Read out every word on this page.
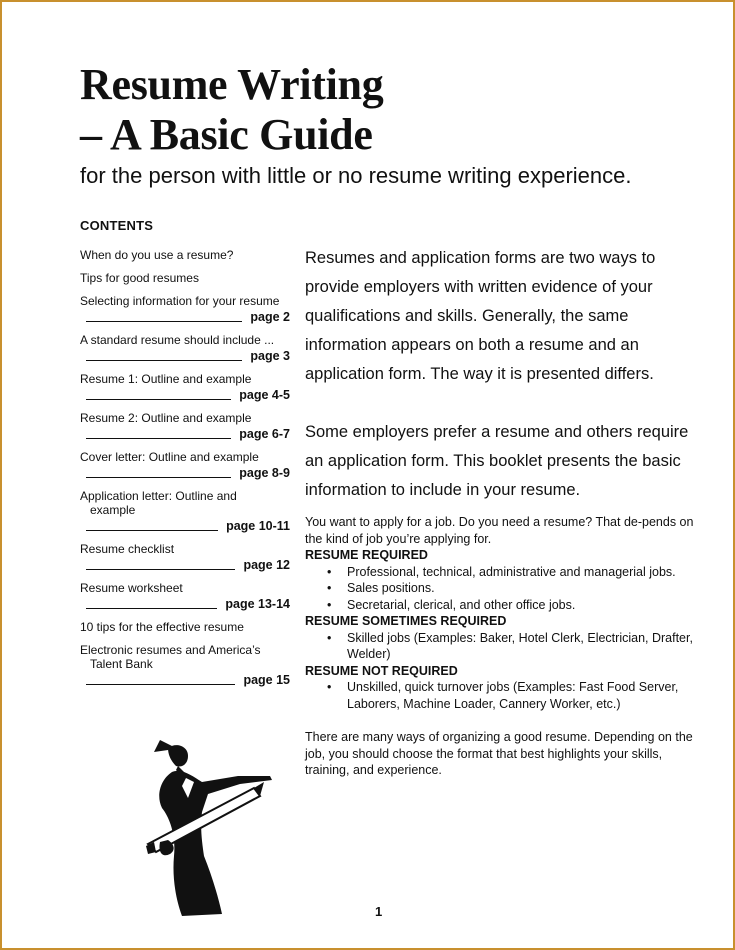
Resume Writing
– A Basic Guide
for the person with little or no resume writing experience.
CONTENTS
When do you use a resume?
Tips for good resumes
Selecting information for your resume
page 2
A standard resume should include ...
page 3
Resume 1: Outline and example
page 4-5
Resume 2: Outline and example
page 6-7
Cover letter: Outline and example
page 8-9
Application letter: Outline and
example
page 10-11
Resume checklist
page 12
Resume worksheet
page 13-14
10 tips for the effective resume
Electronic resumes and America’s
Talent Bank
page 15

Resumes and application forms are two ways to provide employers with written evidence of your qualifications and skills. Generally, the same information appears on both a resume and an application form. The way it is presented differs.

Some employers prefer a resume and others require an application form. This booklet presents the basic information to include in your resume.

You want to apply for a job. Do you need a resume? That de-pends on the kind of job you’re applying for.

RESUME REQUIRED

• Professional, technical, administrative and managerial jobs.
• Sales positions.
• Secretarial, clerical, and other office jobs.

RESUME SOMETIMES REQUIRED

• Skilled jobs (Examples: Baker, Hotel Clerk, Electrician, Drafter, Welder)

RESUME NOT REQUIRED

• Unskilled, quick turnover jobs (Examples: Fast Food Server, Laborers, Machine Loader, Cannery Worker, etc.)

There are many ways of organizing a good resume. Depending on the job, you should choose the format that best highlights your skills, training, and experience.

1
